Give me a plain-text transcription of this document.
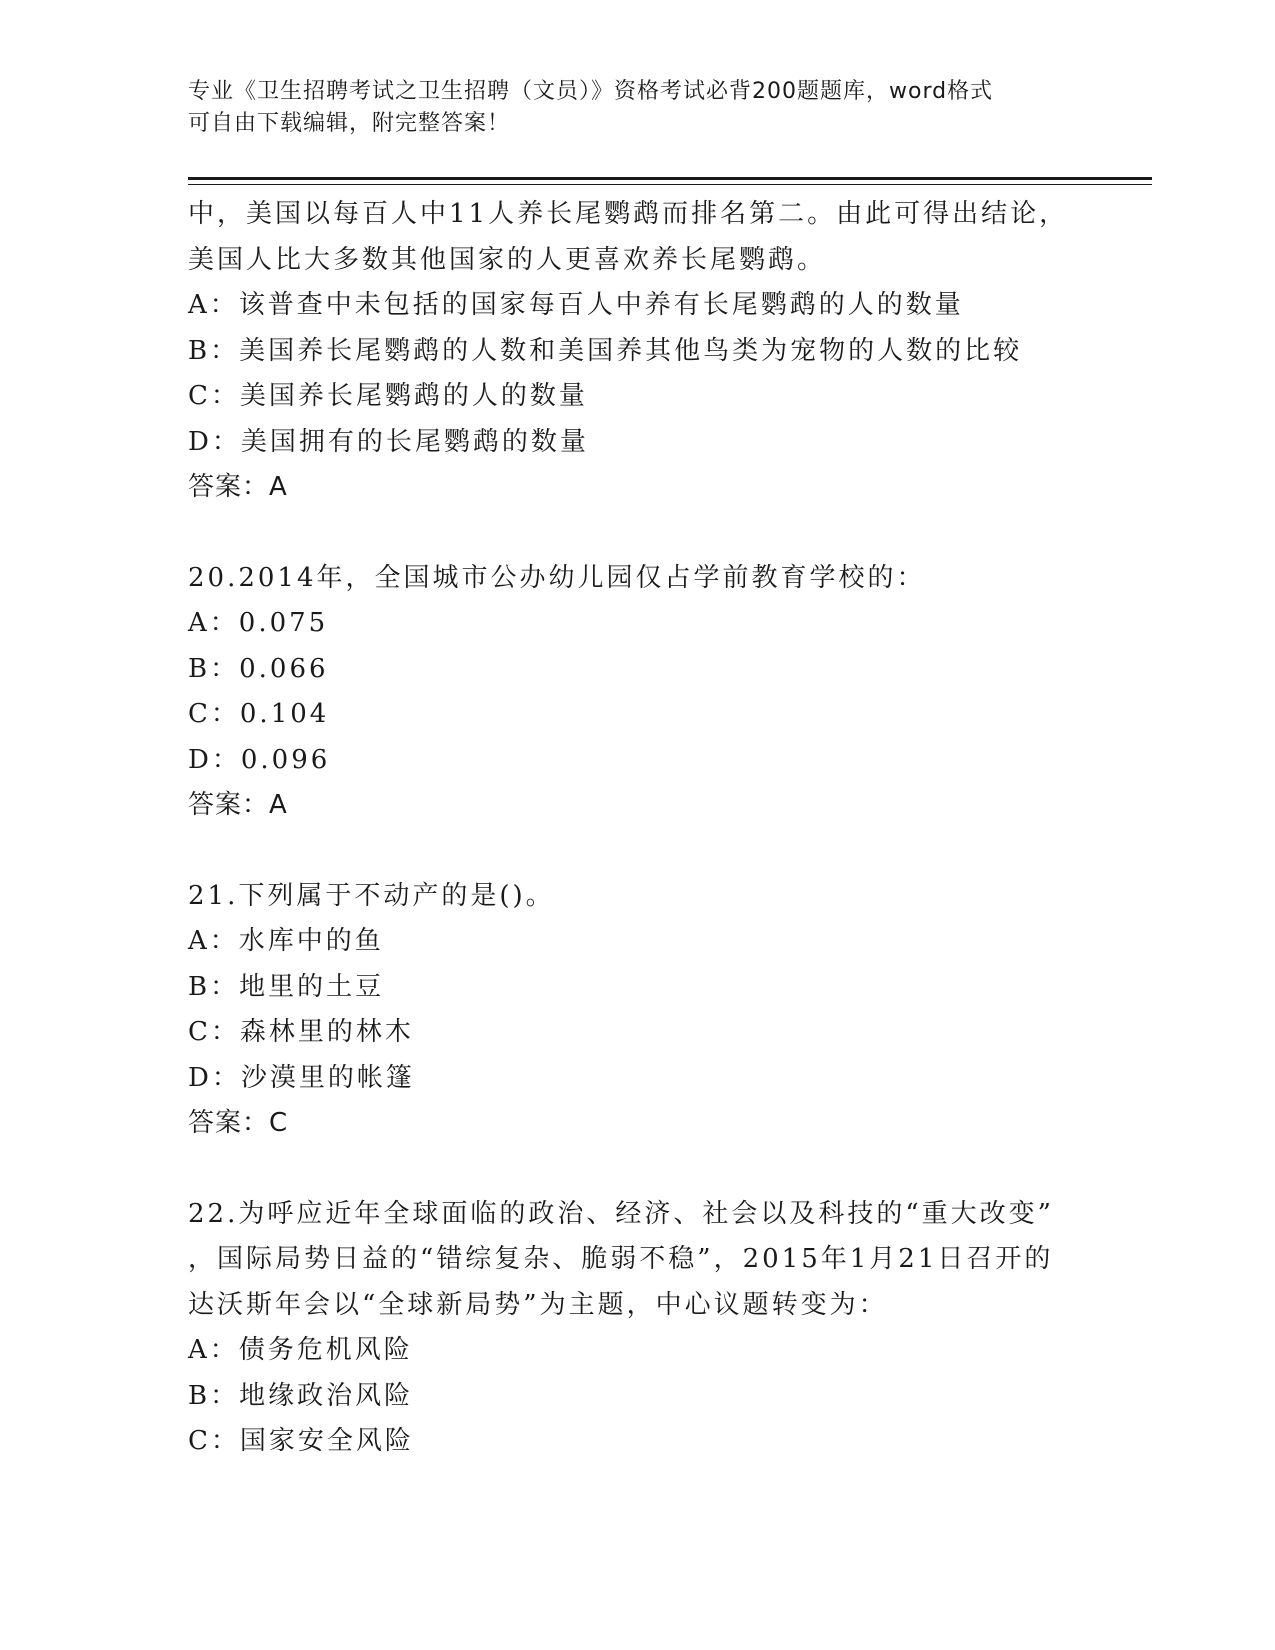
专业《卫生招聘考试之卫生招聘（文员）》资格考试必背200题题库，word格式
可自由下载编辑，附完整答案！
中，美国以每百人中11人养长尾鹦鹉而排名第二。由此可得出结论，
美国人比大多数其他国家的人更喜欢养长尾鹦鹉。
A：该普查中未包括的国家每百人中养有长尾鹦鹉的人的数量
B：美国养长尾鹦鹉的人数和美国养其他鸟类为宠物的人数的比较
C：美国养长尾鹦鹉的人的数量
D：美国拥有的长尾鹦鹉的数量
答案：A
20.2014年，全国城市公办幼儿园仅占学前教育学校的：
A：0.075
B：0.066
C：0.104
D：0.096
答案：A
21.下列属于不动产的是()。
A：水库中的鱼
B：地里的土豆
C：森林里的林木
D：沙漠里的帐篷
答案：C
22.为呼应近年全球面临的政治、经济、社会以及科技的“重大改变”
，国际局势日益的“错综复杂、脆弱不稳”，2015年1月21日召开的
达沃斯年会以“全球新局势”为主题，中心议题转变为：
A：债务危机风险
B：地缘政治风险
C：国家安全风险
